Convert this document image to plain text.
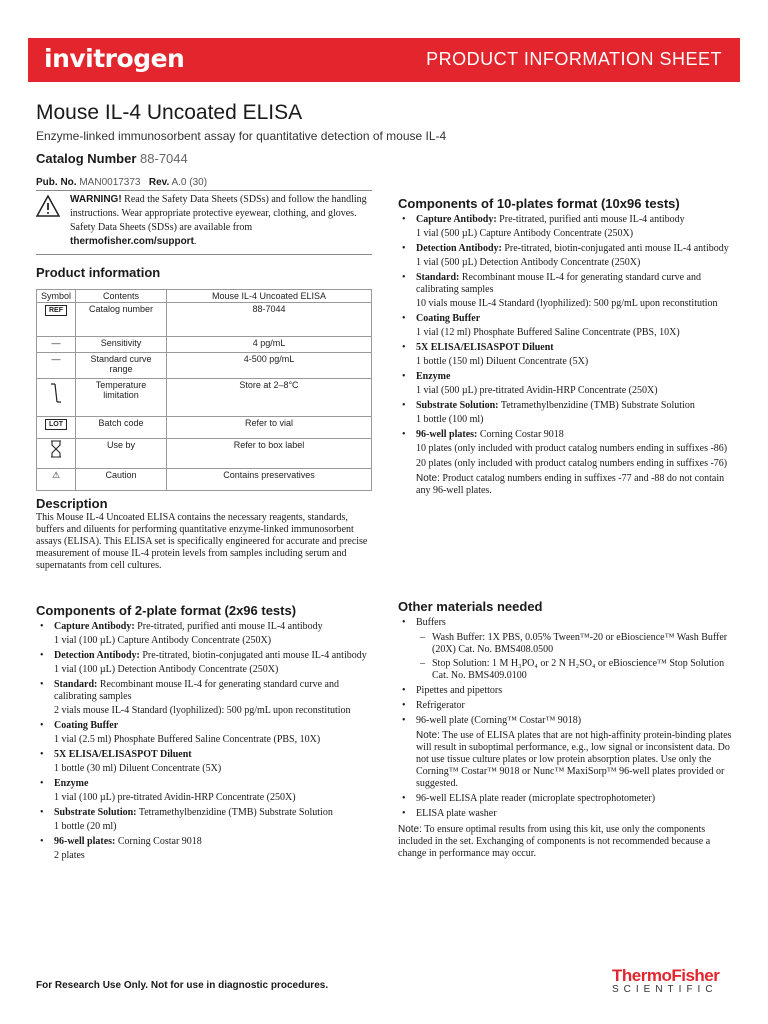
invitrogen	PRODUCT INFORMATION SHEET
Mouse IL-4 Uncoated ELISA
Enzyme-linked immunosorbent assay for quantitative detection of mouse IL-4
Catalog Number 88-7044
Pub. No. MAN0017373 Rev. A.0 (30)
WARNING! Read the Safety Data Sheets (SDSs) and follow the handling instructions. Wear appropriate protective eyewear, clothing, and gloves. Safety Data Sheets (SDSs) are available from thermofisher.com/support.
Product information
Symbol	Contents	Mouse IL-4 Uncoated ELISA
REF	Catalog number	88-7044
—	Sensitivity	4 pg/mL
—	Standard curve range	4-500 pg/mL
	Temperature limitation	Store at 2–8°C
LOT	Batch code	Refer to vial
	Use by	Refer to box label
⚠	Caution	Contains preservatives
Description
This Mouse IL-4 Uncoated ELISA contains the necessary reagents, standards, buffers and diluents for performing quantitative enzyme-linked immunosorbent assays (ELISA). This ELISA set is specifically engineered for accurate and precise measurement of mouse IL-4 protein levels from samples including serum and supernatants from cell cultures.
Components of 2-plate format (2x96 tests)
• Capture Antibody: Pre-titrated, purified anti mouse IL-4 antibody
1 vial (100 µL) Capture Antibody Concentrate (250X)
• Detection Antibody: Pre-titrated, biotin-conjugated anti mouse IL-4 antibody
1 vial (100 µL) Detection Antibody Concentrate (250X)
• Standard: Recombinant mouse IL-4 for generating standard curve and calibrating samples
2 vials mouse IL-4 Standard (lyophilized): 500 pg/mL upon reconstitution
• Coating Buffer
1 vial (2.5 ml) Phosphate Buffered Saline Concentrate (PBS, 10X)
• 5X ELISA/ELISASPOT Diluent
1 bottle (30 ml) Diluent Concentrate (5X)
• Enzyme
1 vial (100 µL) pre-titrated Avidin-HRP Concentrate (250X)
• Substrate Solution: Tetramethylbenzidine (TMB) Substrate Solution
1 bottle (20 ml)
• 96-well plates: Corning Costar 9018
2 plates
Components of 10-plates format (10x96 tests)
• Capture Antibody: Pre-titrated, purified anti mouse IL-4 antibody
1 vial (500 µL) Capture Antibody Concentrate (250X)
• Detection Antibody: Pre-titrated, biotin-conjugated anti mouse IL-4 antibody
1 vial (500 µL) Detection Antibody Concentrate (250X)
• Standard: Recombinant mouse IL-4 for generating standard curve and calibrating samples
10 vials mouse IL-4 Standard (lyophilized): 500 pg/mL upon reconstitution
• Coating Buffer
1 vial (12 ml) Phosphate Buffered Saline Concentrate (PBS, 10X)
• 5X ELISA/ELISASPOT Diluent
1 bottle (150 ml) Diluent Concentrate (5X)
• Enzyme
1 vial (500 µL) pre-titrated Avidin-HRP Concentrate (250X)
• Substrate Solution: Tetramethylbenzidine (TMB) Substrate Solution
1 bottle (100 ml)
• 96-well plates: Corning Costar 9018
10 plates (only included with product catalog numbers ending in suffixes -86)
20 plates (only included with product catalog numbers ending in suffixes -76)
Note: Product catalog numbers ending in suffixes -77 and -88 do not contain any 96-well plates.
Other materials needed
• Buffers
– Wash Buffer: 1X PBS, 0.05% Tween™-20 or eBioscience™ Wash Buffer (20X) Cat. No. BMS408.0500
– Stop Solution: 1 M H₃PO₄ or 2 N H₂SO₄ or eBioscience™ Stop Solution Cat. No. BMS409.0100
• Pipettes and pipettors
• Refrigerator
• 96-well plate (Corning™ Costar™ 9018)
Note: The use of ELISA plates that are not high-affinity protein-binding plates will result in suboptimal performance, e.g., low signal or inconsistent data. Do not use tissue culture plates or low protein absorption plates. Use only the Corning™ Costar™ 9018 or Nunc™ MaxiSorp™ 96-well plates provided or suggested.
• 96-well ELISA plate reader (microplate spectrophotometer)
• ELISA plate washer
Note: To ensure optimal results from using this kit, use only the components included in the set. Exchanging of components is not recommended because a change in performance may occur.
For Research Use Only. Not for use in diagnostic procedures.
ThermoFisher
SCIENTIFIC
